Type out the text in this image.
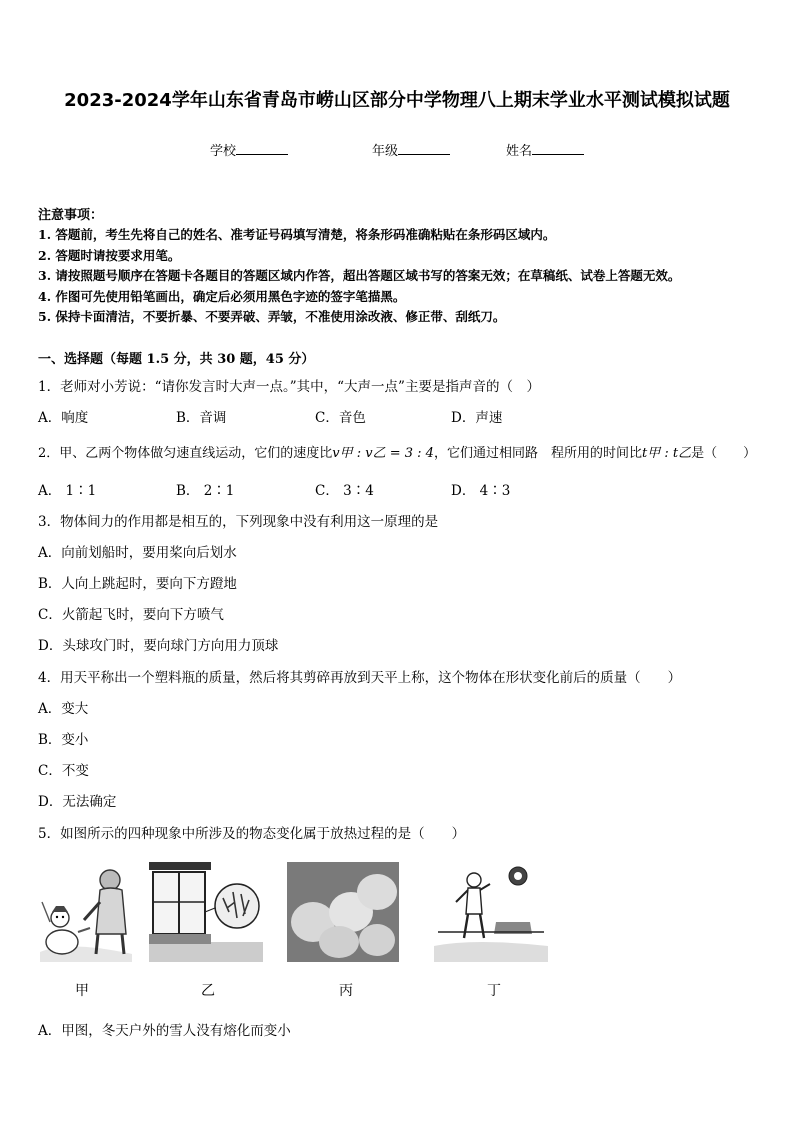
2023-2024学年山东省青岛市崂山区部分中学物理八上期末学业水平测试模拟试题
学校	年级	姓名
注意事项：
1. 答题前，考生先将自己的姓名、准考证号码填写清楚，将条形码准确粘贴在条形码区域内。
2. 答题时请按要求用笔。
3. 请按照题号顺序在答题卡各题目的答题区域内作答，超出答题区域书写的答案无效；在草稿纸、试卷上答题无效。
4. 作图可先使用铅笔画出，确定后必须用黑色字迹的签字笔描黑。
5. 保持卡面清洁，不要折暴、不要弄破、弄皱，不准使用涂改液、修正带、刮纸刀。
一、选择题（每题 1.5 分，共 30 题，45 分）
1．老师对小芳说：“请你发言时大声一点。”其中，“大声一点”主要是指声音的（　）
A．响度	B．音调	C．音色	D．声速
2．甲、乙两个物体做匀速直线运动，它们的速度比v甲 : v乙 = 3 : 4，它们通过相同路　程所用的时间比t甲 : t乙是（　　）
A． 1∶1	B． 2∶1	C． 3∶4	D． 4∶3
3．物体间力的作用都是相互的，下列现象中没有利用这一原理的是
A．向前划船时，要用桨向后划水
B．人向上跳起时，要向下方蹬地
C．火箭起飞时，要向下方喷气
D．头球攻门时，要向球门方向用力顶球
4．用天平称出一个塑料瓶的质量，然后将其剪碎再放到天平上称，这个物体在形状变化前后的质量（　　）
A．变大
B．变小
C．不变
D．无法确定
5．如图所示的四种现象中所涉及的物态变化属于放热过程的是（　　）
甲	乙	丙	丁
A．甲图，冬天户外的雪人没有熔化而变小
